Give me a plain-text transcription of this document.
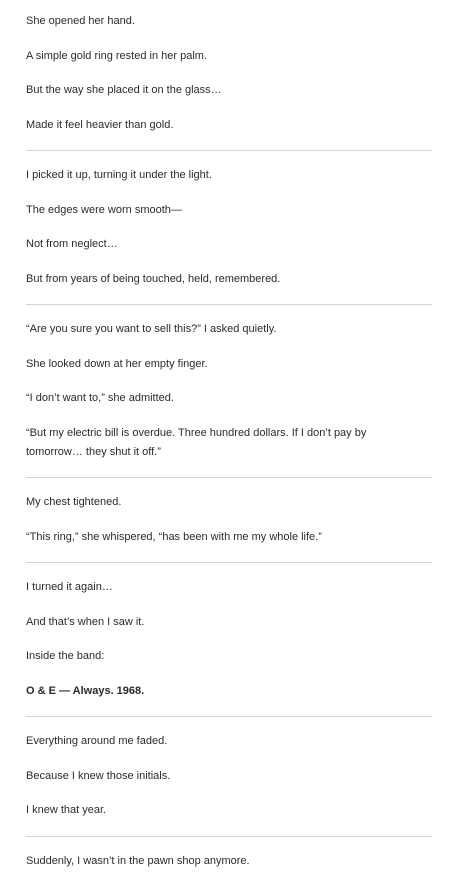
She opened her hand.

A simple gold ring rested in her palm.

But the way she placed it on the glass…

Made it feel heavier than gold.

I picked it up, turning it under the light.

The edges were worn smooth—

Not from neglect…

But from years of being touched, held, remembered.

“Are you sure you want to sell this?” I asked quietly.

She looked down at her empty finger.

“I don’t want to,” she admitted.

“But my electric bill is overdue. Three hundred dollars. If I don’t pay by tomorrow… they shut it off.”

My chest tightened.

“This ring,” she whispered, “has been with me my whole life.”

I turned it again…

And that’s when I saw it.

Inside the band:

O & E — Always. 1968.

Everything around me faded.

Because I knew those initials.

I knew that year.

Suddenly, I wasn’t in the pawn shop anymore.
